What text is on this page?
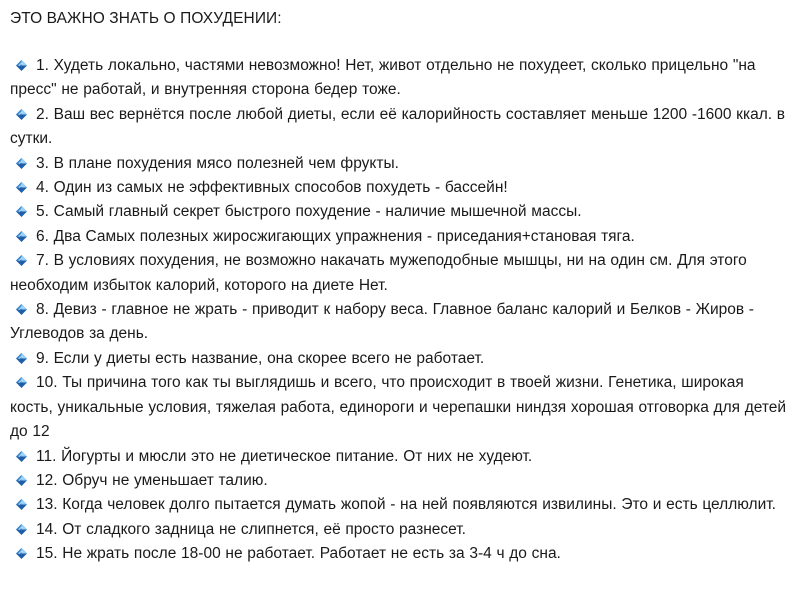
ЭТО ВАЖНО ЗНАТЬ О ПОХУДЕНИИ:
1. Худеть локально, частями невозможно! Нет, живот отдельно не похудеет, сколько прицельно "на пресс" не работай, и внутренняя сторона бедер тоже.
2. Ваш вес вернётся после любой диеты, если её калорийность составляет меньше 1200 -1600 ккал. в сутки.
3. В плане похудения мясо полезней чем фрукты.
4. Один из самых не эффективных способов похудеть - бассейн!
5. Самый главный секрет быстрого похудение - наличие мышечной массы.
6. Два Самых полезных жиросжигающих упражнения - приседания+становая тяга.
7. В условиях похудения, не возможно накачать мужеподобные мышцы, ни на один см. Для этого необходим избыток калорий, которого на диете Нет.
8. Девиз - главное не жрать - приводит к набору веса. Главное баланс калорий и Белков - Жиров - Углеводов за день.
9. Если у диеты есть название, она скорее всего не работает.
10. Ты причина того как ты выглядишь и всего, что происходит в твоей жизни. Генетика, широкая кость, уникальные условия, тяжелая работа, единороги и черепашки ниндзя хорошая отговорка для детей до 12
11. Йогурты и мюсли это не диетическое питание. От них не худеют.
12. Обруч не уменьшает талию.
13. Когда человек долго пытается думать жопой - на ней появляются извилины. Это и есть целлюлит.
14. От сладкого задница не слипнется, её просто разнесет.
15. Не жрать после 18-00 не работает. Работает не есть за 3-4 ч до сна.
